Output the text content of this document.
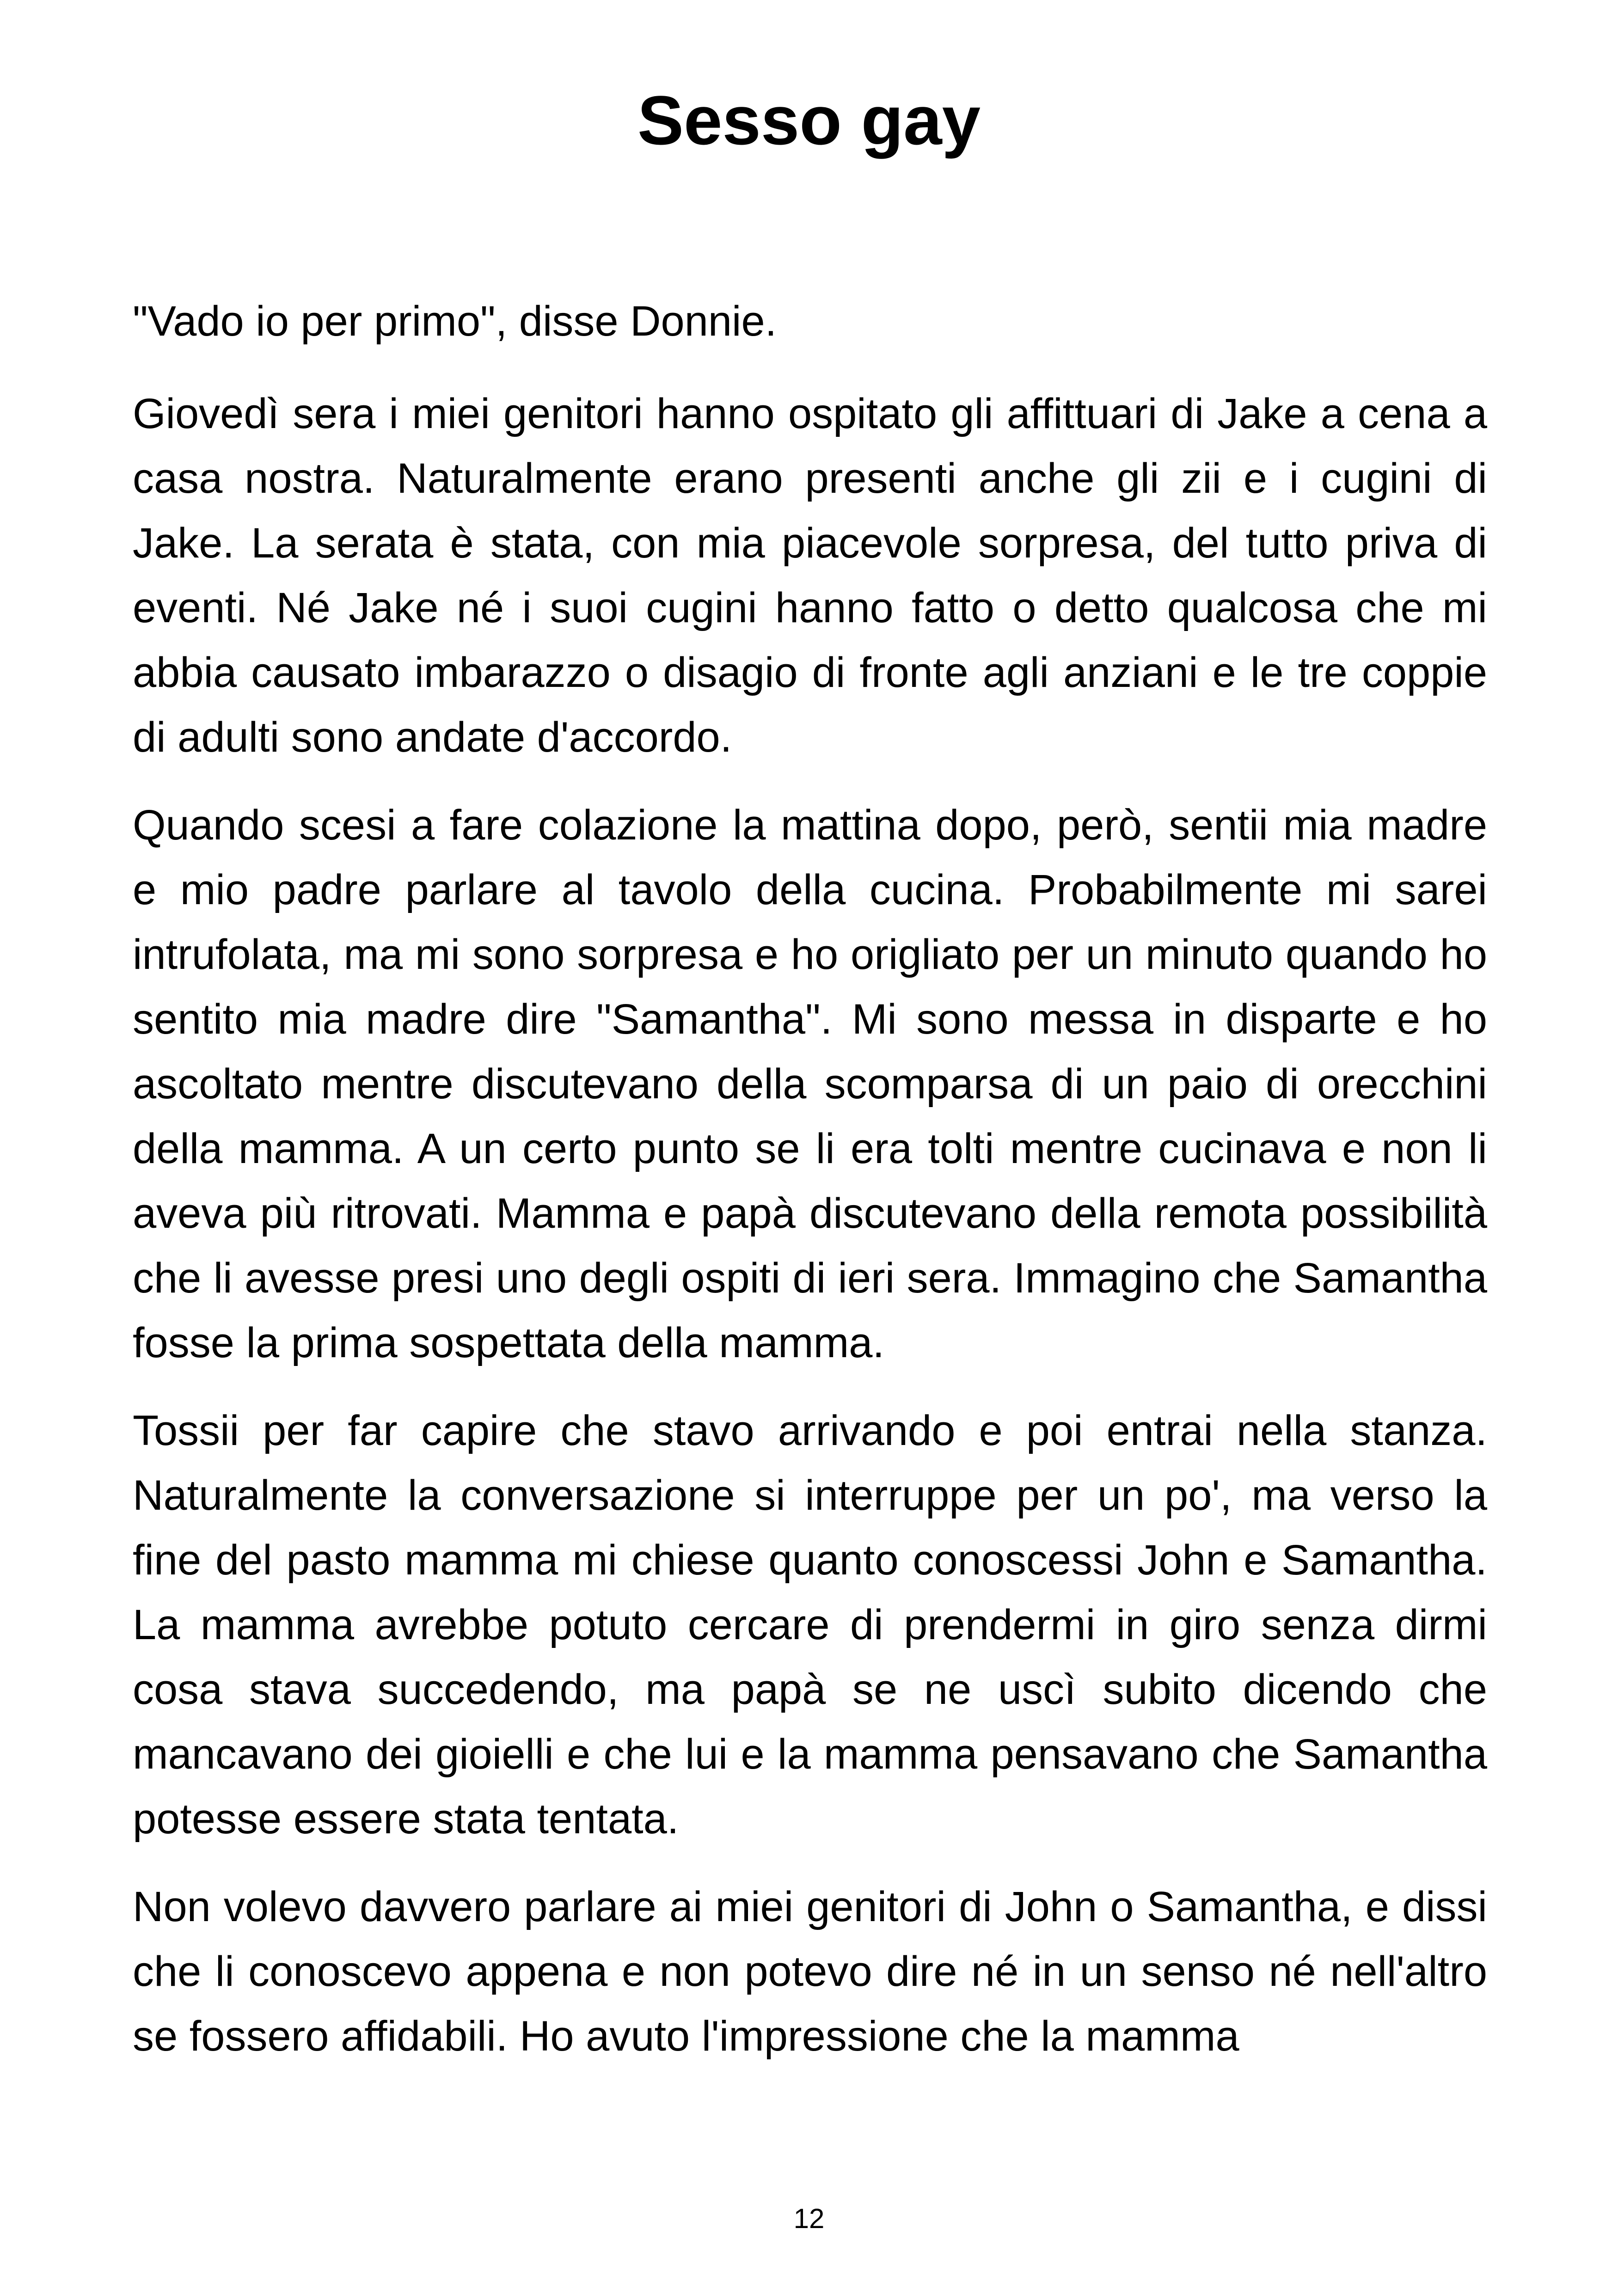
Sesso gay

"Vado io per primo", disse Donnie.

Giovedì sera i miei genitori hanno ospitato gli affittuari di Jake a cena a casa nostra. Naturalmente erano presenti anche gli zii e i cugini di Jake. La serata è stata, con mia piacevole sorpresa, del tutto priva di eventi. Né Jake né i suoi cugini hanno fatto o detto qualcosa che mi abbia causato imbarazzo o disagio di fronte agli anziani e le tre coppie di adulti sono andate d'accordo.

Quando scesi a fare colazione la mattina dopo, però, sentii mia madre e mio padre parlare al tavolo della cucina. Probabilmente mi sarei intrufolata, ma mi sono sorpresa e ho origliato per un minuto quando ho sentito mia madre dire "Samantha". Mi sono messa in disparte e ho ascoltato mentre discutevano della scomparsa di un paio di orecchini della mamma. A un certo punto se li era tolti mentre cucinava e non li aveva più ritrovati. Mamma e papà discutevano della remota possibilità che li avesse presi uno degli ospiti di ieri sera. Immagino che Samantha fosse la prima sospettata della mamma.

Tossii per far capire che stavo arrivando e poi entrai nella stanza. Naturalmente la conversazione si interruppe per un po', ma verso la fine del pasto mamma mi chiese quanto conoscessi John e Samantha. La mamma avrebbe potuto cercare di prendermi in giro senza dirmi cosa stava succedendo, ma papà se ne uscì subito dicendo che mancavano dei gioielli e che lui e la mamma pensavano che Samantha potesse essere stata tentata.

Non volevo davvero parlare ai miei genitori di John o Samantha, e dissi che li conoscevo appena e non potevo dire né in un senso né nell'altro se fossero affidabili. Ho avuto l'impressione che la mamma

12
